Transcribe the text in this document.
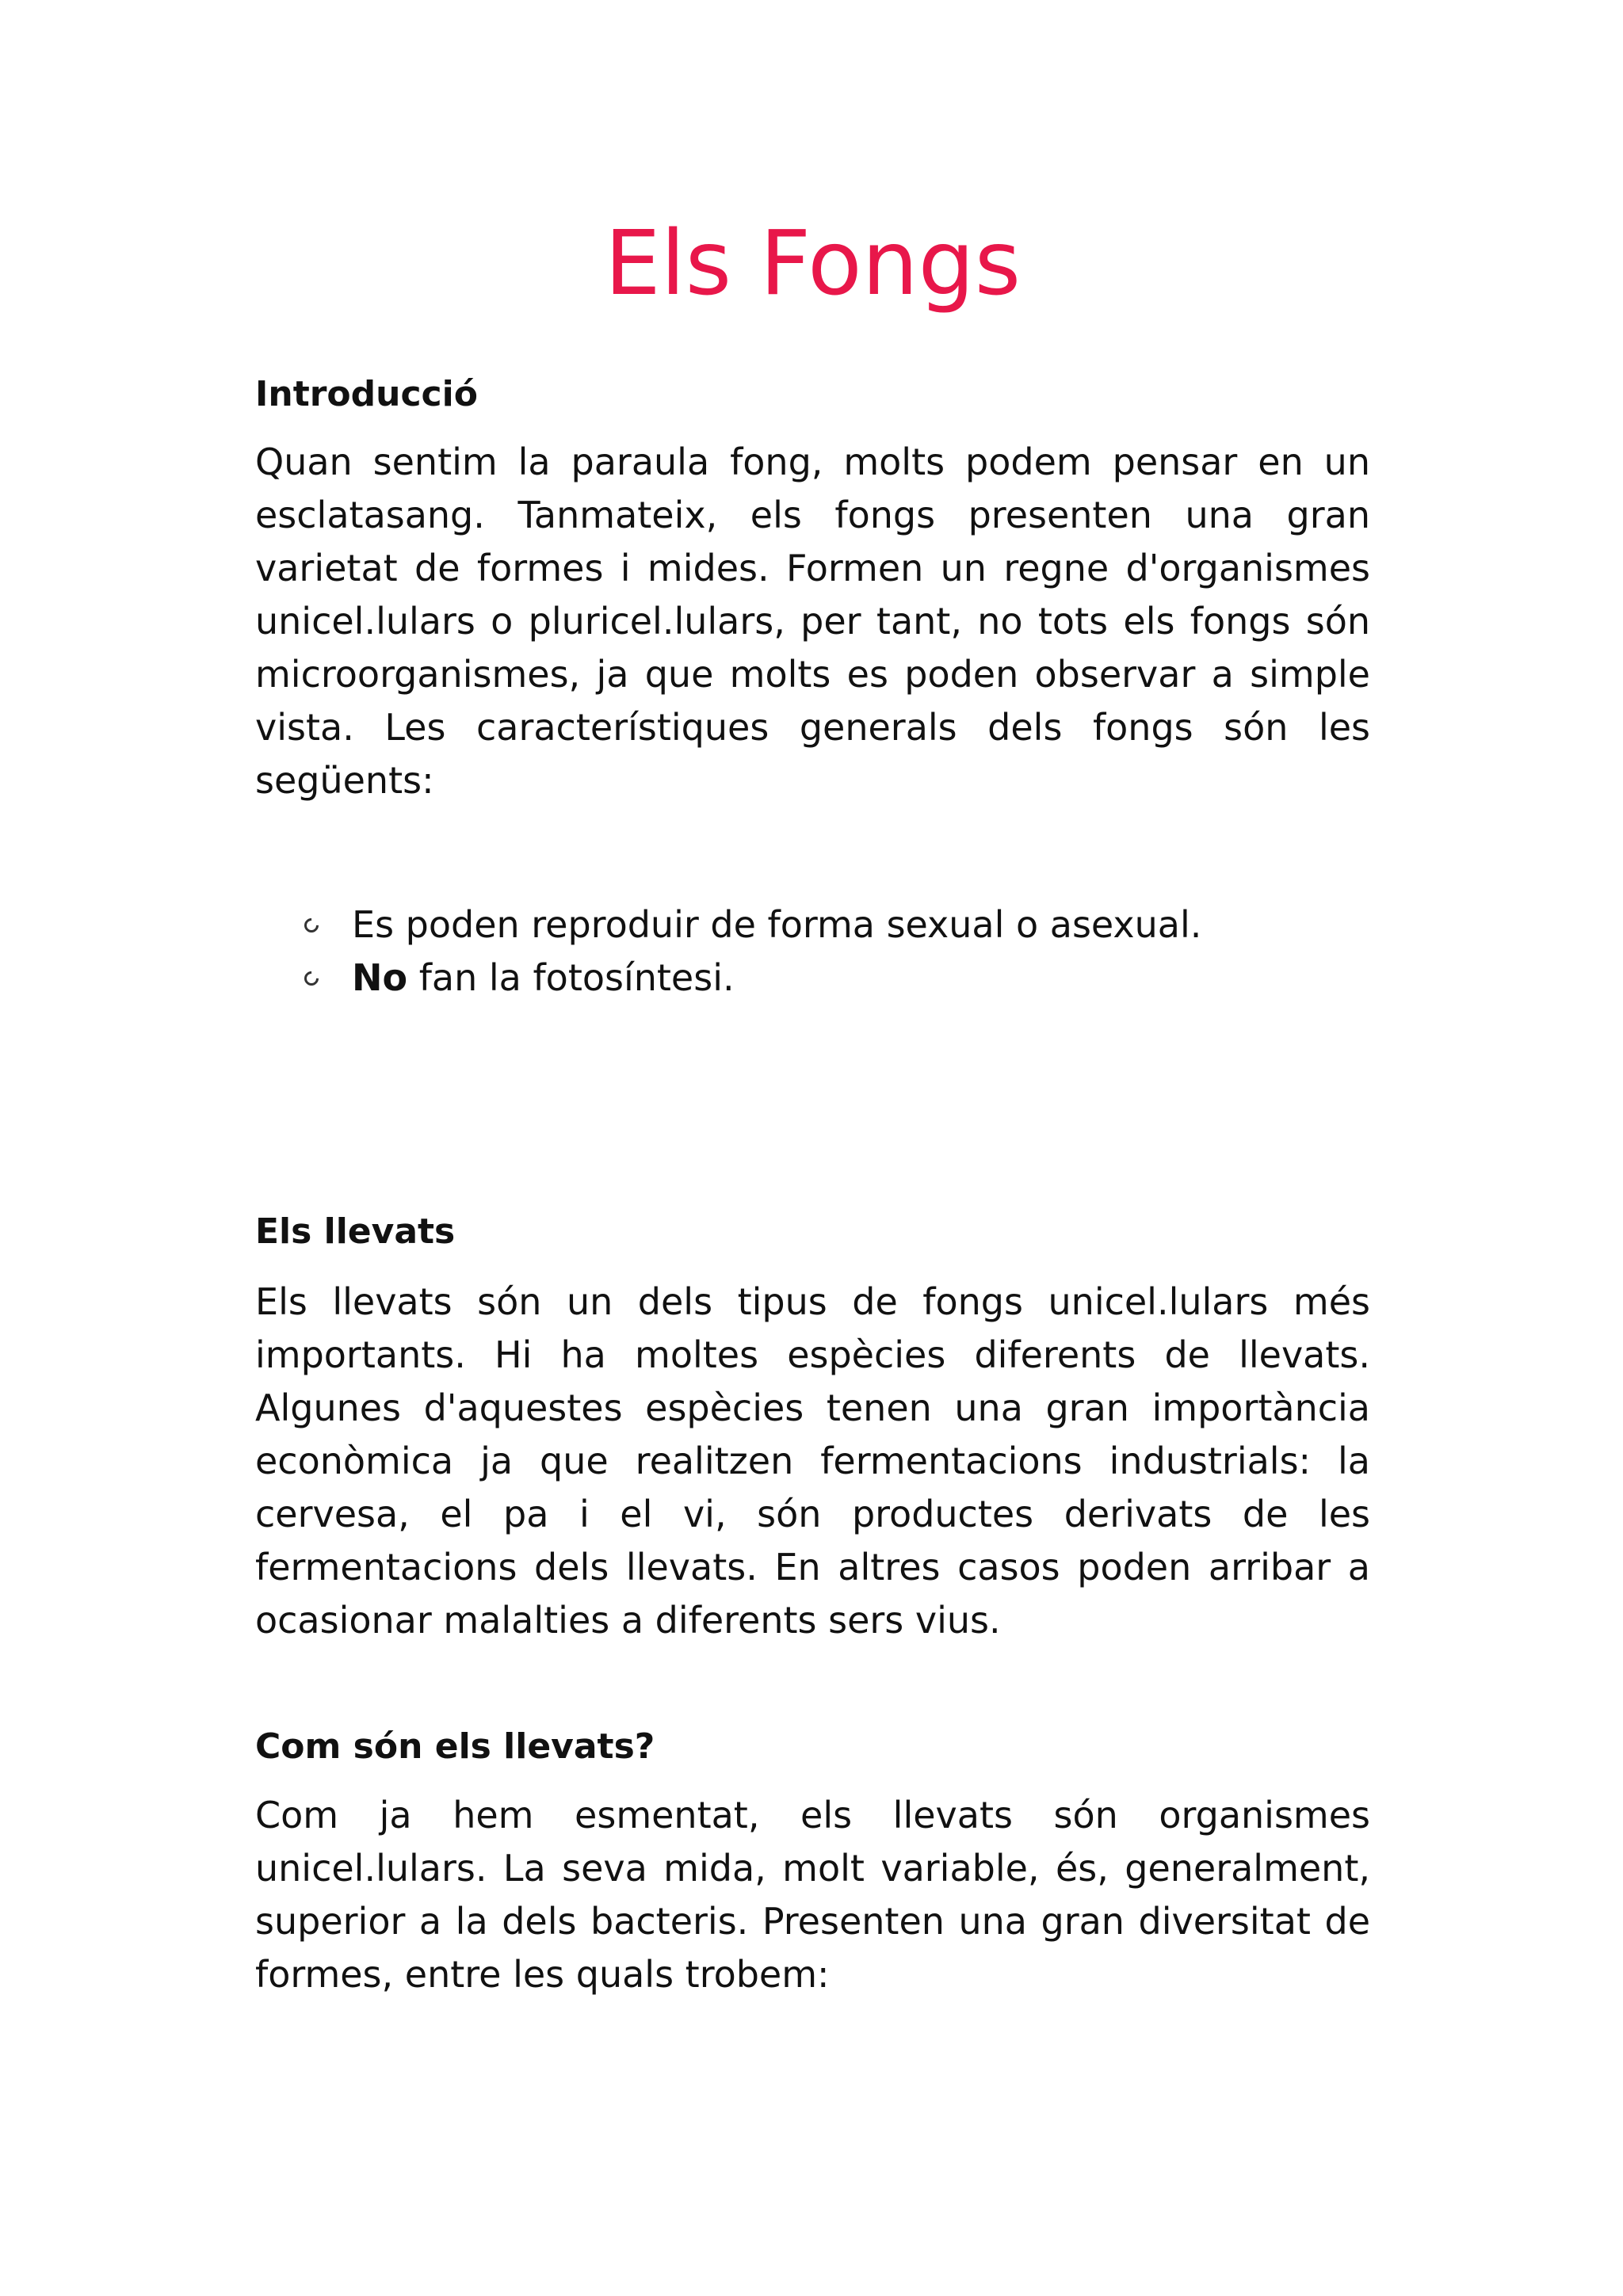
Els Fongs
Introducció

Quan sentim la paraula fong, molts podem pensar en un esclatasang. Tanmateix, els fongs presenten una gran varietat de formes i mides. Formen un regne d'organismes unicel.lulars o pluricel.lulars, per tant, no tots els fongs són microorganismes, ja que molts es poden observar a simple vista. Les característiques generals dels fongs són les següents:

Es poden reproduir de forma sexual o asexual.
No fan la fotosíntesi.
Els llevats

Els llevats són un dels tipus de fongs unicel.lulars més importants. Hi ha moltes espècies diferents de llevats. Algunes d'aquestes espècies tenen una gran importància econòmica ja que realitzen fermentacions industrials: la cervesa, el pa i el vi, són productes derivats de les fermentacions dels llevats. En altres casos poden arribar a ocasionar malalties a diferents sers vius.

Com són els llevats?

Com ja hem esmentat, els llevats són organismes unicel.lulars. La seva mida, molt variable, és, generalment, superior a la dels bacteris. Presenten una gran diversitat de formes, entre les quals trobem:
